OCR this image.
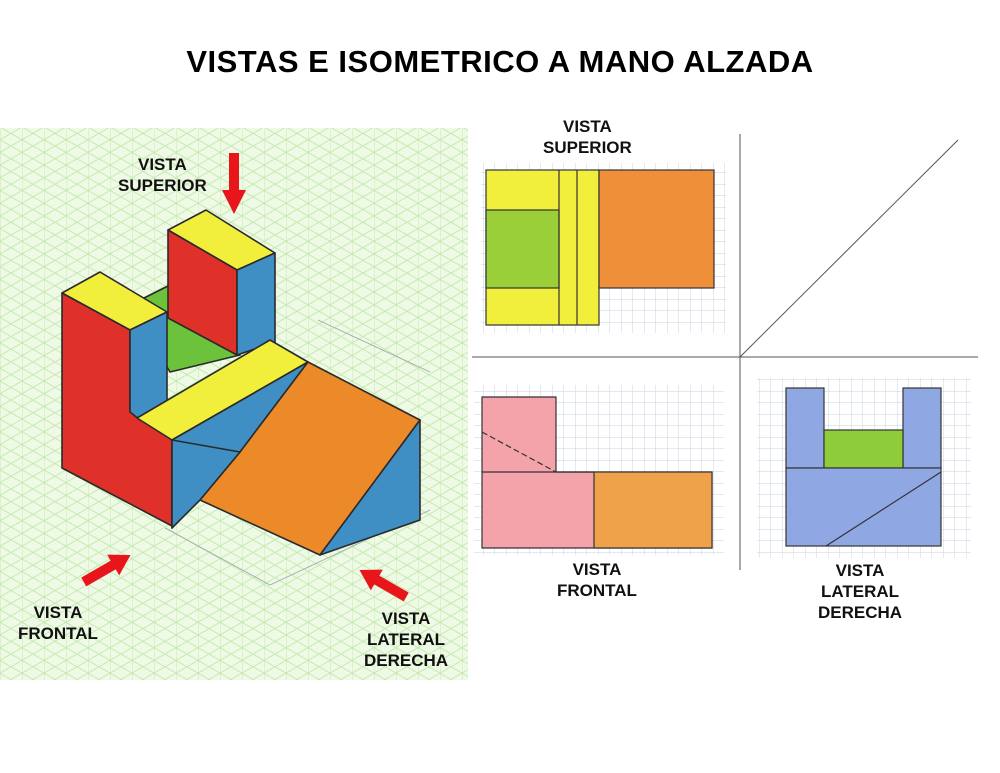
VISTAS E ISOMETRICO A MANO ALZADA
VISTA
SUPERIOR
VISTA
FRONTAL
VISTA
LATERAL
DERECHA
VISTA
SUPERIOR
VISTA
FRONTAL
VISTA
LATERAL
DERECHA
